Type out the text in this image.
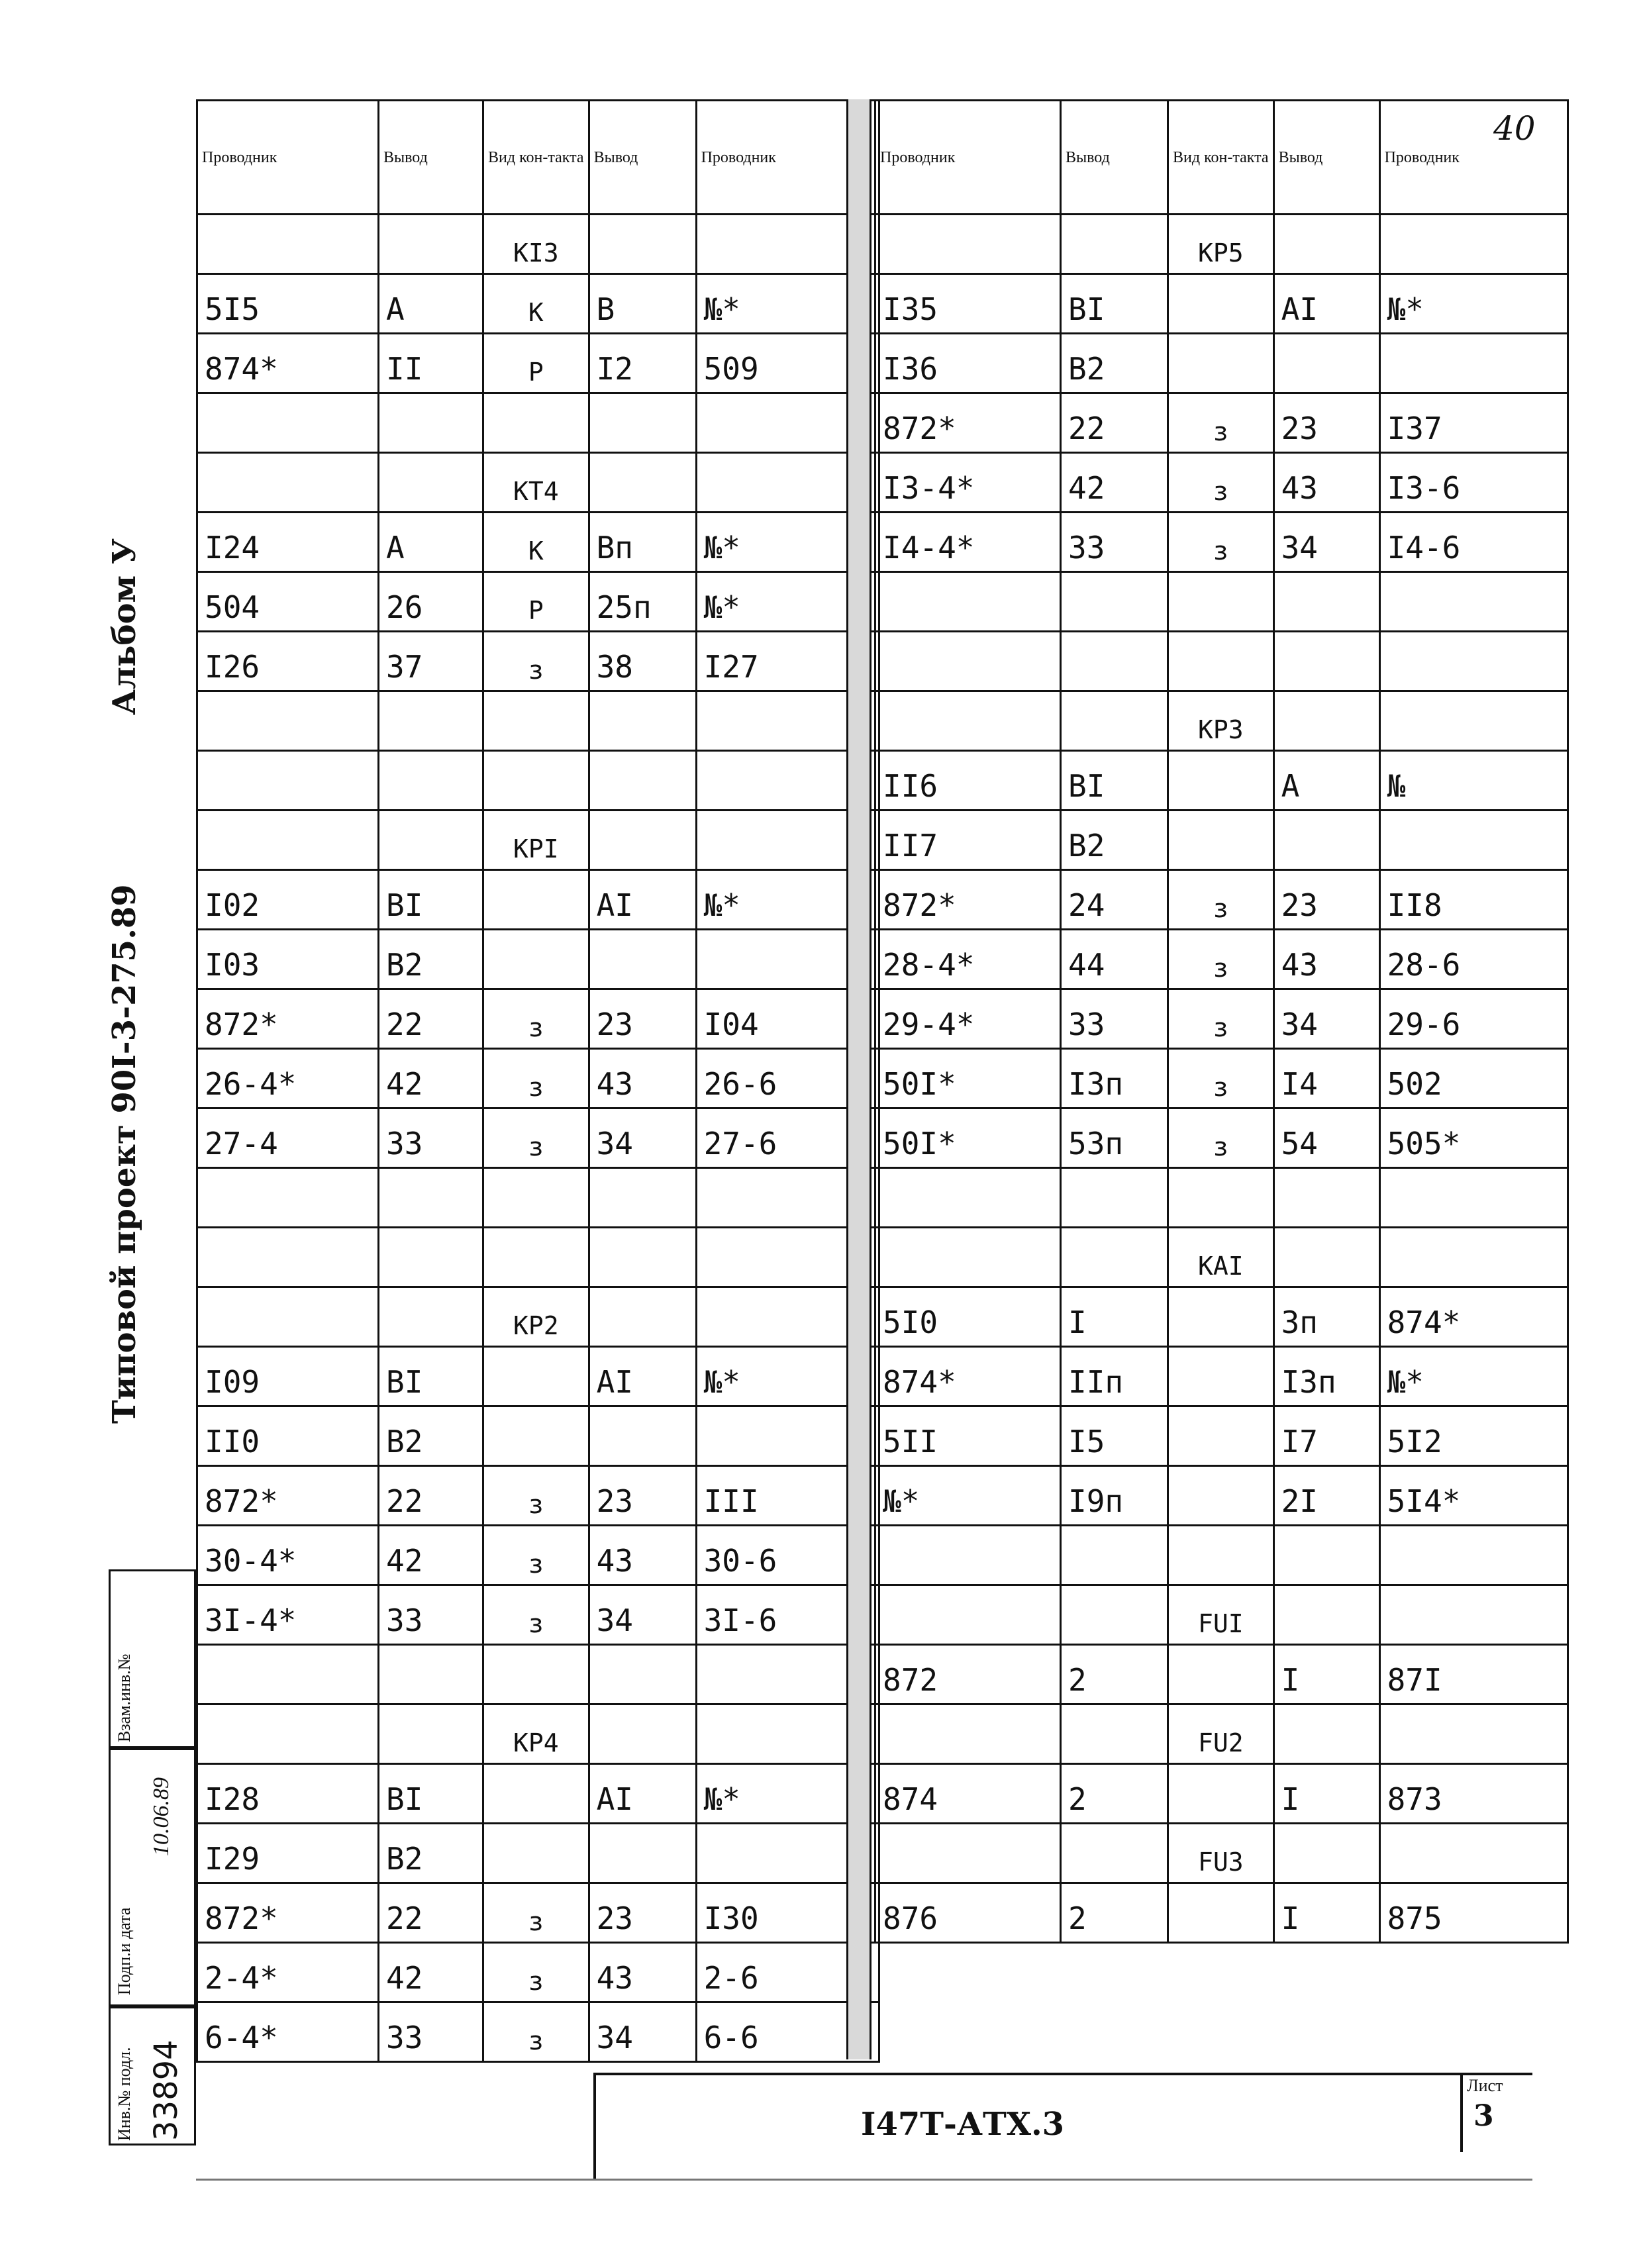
Проводник	Вывод	Вид кон-такта	Вывод	Проводник
		КI3		
5I5	А	К	В	№*
874*	II	Р	I2	509

		КТ4		
I24	А	К	Вп	№*
504	26	Р	25п	№*
I26	37	з	38	I27

		КРI		
I02	ВI		АI	№*
I03	В2			
872*	22	з	23	I04
26-4*	42	з	43	26-6
27-4	33	з	34	27-6

		КР2		
I09	ВI		АI	№*
II0	В2			
872*	22	з	23	III
30-4*	42	з	43	30-6
3I-4*	33	з	34	3I-6

		КР4		
I28	ВI		АI	№*
I29	В2			
872*	22	з	23	I30
2-4*	42	з	43	2-6
6-4*	33	з	34	6-6
Проводник	Вывод	Вид кон-такта	Вывод	Проводник
		КР5		
I35	ВI		АI	№*
I36	В2			
872*	22	з	23	I37
I3-4*	42	з	43	I3-6
I4-4*	33	з	34	I4-6

		КР3		
II6	ВI		А	№
II7	В2			
872*	24	з	23	II8
28-4*	44	з	43	28-6
29-4*	33	з	34	29-6
50I*	I3п	з	I4	502
50I*	53п	з	54	505*

		КАI		
5I0	I		3п	874*
874*	IIп		I3п	№*
5II	I5		I7	5I2
№*	I9п		2I	5I4*

		FUI		
872	2		I	87I
		FU2		
874	2		I	873
		FU3		
876	2		I	875
40
Альбом У
Типовой проект 90I-3-275.89
Взам.инв.№
Подп.и дата
10.06.89
Инв.№ подл. 33894	I47Т-АТХ.3
Лист
3
